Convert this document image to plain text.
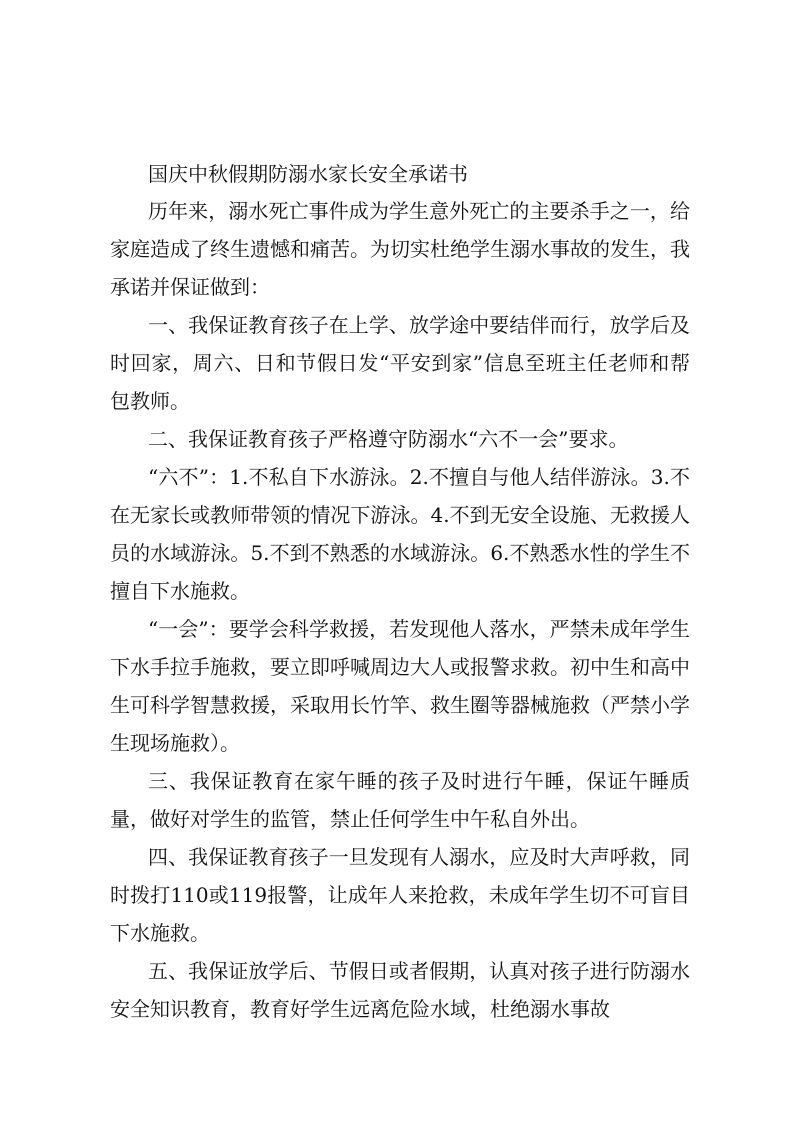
国庆中秋假期防溺水家长安全承诺书

历年来，溺水死亡事件成为学生意外死亡的主要杀手之一，给家庭造成了终生遗憾和痛苦。为切实杜绝学生溺水事故的发生，我承诺并保证做到：

一、我保证教育孩子在上学、放学途中要结伴而行，放学后及时回家，周六、日和节假日发“平安到家”信息至班主任老师和帮包教师。

二、我保证教育孩子严格遵守防溺水“六不一会”要求。

“六不”：1.不私自下水游泳。2.不擅自与他人结伴游泳。3.不在无家长或教师带领的情况下游泳。4.不到无安全设施、无救援人员的水域游泳。5.不到不熟悉的水域游泳。6.不熟悉水性的学生不擅自下水施救。

“一会”：要学会科学救援，若发现他人落水，严禁未成年学生下水手拉手施救，要立即呼喊周边大人或报警求救。初中生和高中生可科学智慧救援，采取用长竹竿、救生圈等器械施救（严禁小学生现场施救）。

三、我保证教育在家午睡的孩子及时进行午睡，保证午睡质量，做好对学生的监管，禁止任何学生中午私自外出。

四、我保证教育孩子一旦发现有人溺水，应及时大声呼救，同时拨打110或119报警，让成年人来抢救，未成年学生切不可盲目下水施救。

五、我保证放学后、节假日或者假期，认真对孩子进行防溺水安全知识教育，教育好学生远离危险水域，杜绝溺水事故
